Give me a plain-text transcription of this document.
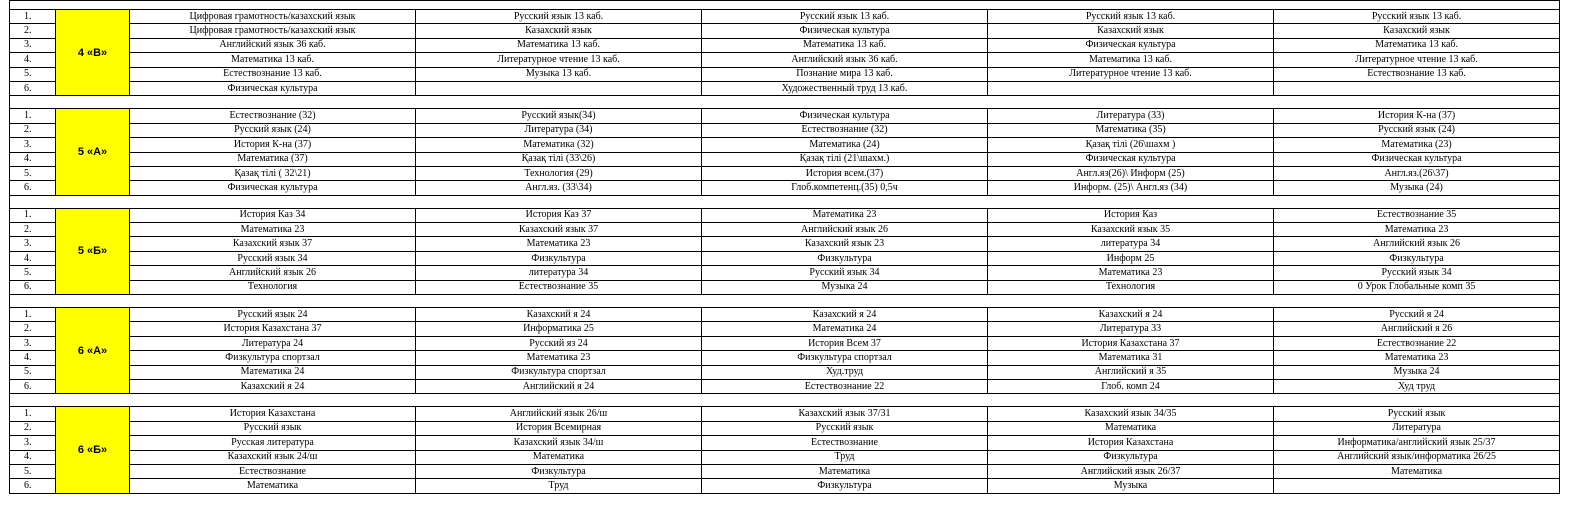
1.	4 «В»	Цифровая грамотность/казахский язык	Русский язык 13 каб.	Русский язык 13 каб.	Русский язык 13 каб.	Русский язык 13 каб.
2.		Цифровая грамотность/казахский язык	Казахский язык	Физическая культура	Казахский язык	Казахский язык
3.		Английский язык 36 каб.	Математика 13 каб.	Математика 13 каб.	Физическая культура	Математика 13 каб.
4.		Математика 13 каб.	Литературное чтение 13 каб.	Английский язык 36 каб.	Математика 13 каб.	Литературное чтение 13 каб.
5.		Естествознание 13 каб.	Музыка 13 каб.	Познание мира 13 каб.	Литературное чтение 13 каб.	Естествознание 13 каб.
6.		Физическая культура		Художественный труд 13 каб.		

1.	5 «А»	Естествознание (32)	Русский язык(34)	Физическая культура	Литература (33)	История К-на (37)
2.		Русский язык (24)	Литература (34)	Естествознание (32)	Математика (35)	Русский язык (24)
3.		История К-на (37)	Математика (32)	Математика (24)	Қазақ тілі (26\шахм )	Математика (23)
4.		Математика (37)	Қазақ тілі (33\26)	Қазақ тілі (21\шахм.)	Физическая культура	Физическая культура
5.		Қазақ тілі ( 32\21)	Технология (29)	История всем.(37)	Англ.яз(26)\ Информ (25)	Англ.яз.(26\37)
6.		Физическая культура	Англ.яз. (33\34)	Глоб.компетенц.(35) 0,5ч	Информ. (25)\ Англ.яз (34)	Музыка (24)

1.	5 «Б»	История Каз 34	История Каз 37	Математика 23	История Каз	Естествознание 35
2.		Математика 23	Казахский язык 37	Английский язык 26	Казахский язык 35	Математика 23
3.		Казахский язык 37	Математика 23	Казахский язык 23	литература 34	Английский язык 26
4.		Русский язык 34	Физкультура	Физкультура	Информ 25	Физкультура
5.		Английский язык 26	литература 34	Русский язык 34	Математика 23	Русский язык 34
6.		Технология	Естествознание 35	Музыка 24	Технология	0 Урок Глобальные комп 35

1.	6 «А»	Русский язык 24	Казахский я 24	Казахский я 24	Казахский я 24	Русский я 24
2.		История Казахстана 37	Информатика 25	Математика 24	Литература 33	Английский я 26
3.		Литература 24	Русский яз 24	История Всем 37	История Казахстана 37	Естествознание 22
4.		Физкультура спортзал	Математика 23	Физкультура спортзал	Математика 31	Математика 23
5.		Математика 24	Физкультура спортзал	Худ.труд	Английский я 35	Музыка 24
6.		Казахский я 24	Английский я 24	Естествознание 22	Глоб. комп 24	Худ труд

1.	6 «Б»	История Казахстана	Английский язык 26/ш	Казахский язык 37/31	Казахский язык 34/35	Русский язык
2.		Русский язык	История Всемирная	Русский язык	Математика	Литература
3.		Русская литература	Казахский язык 34/ш	Естествознание	История Казахстана	Информатика/английский язык 25/37
4.		Казахский язык 24/ш	Математика	Труд	Физкультура	Английский язык/информатика 26/25
5.		Естествознание	Физкультура	Математика	Английский язык 26/37	Математика
6.		Математика	Труд	Физкультура	Музыка	
